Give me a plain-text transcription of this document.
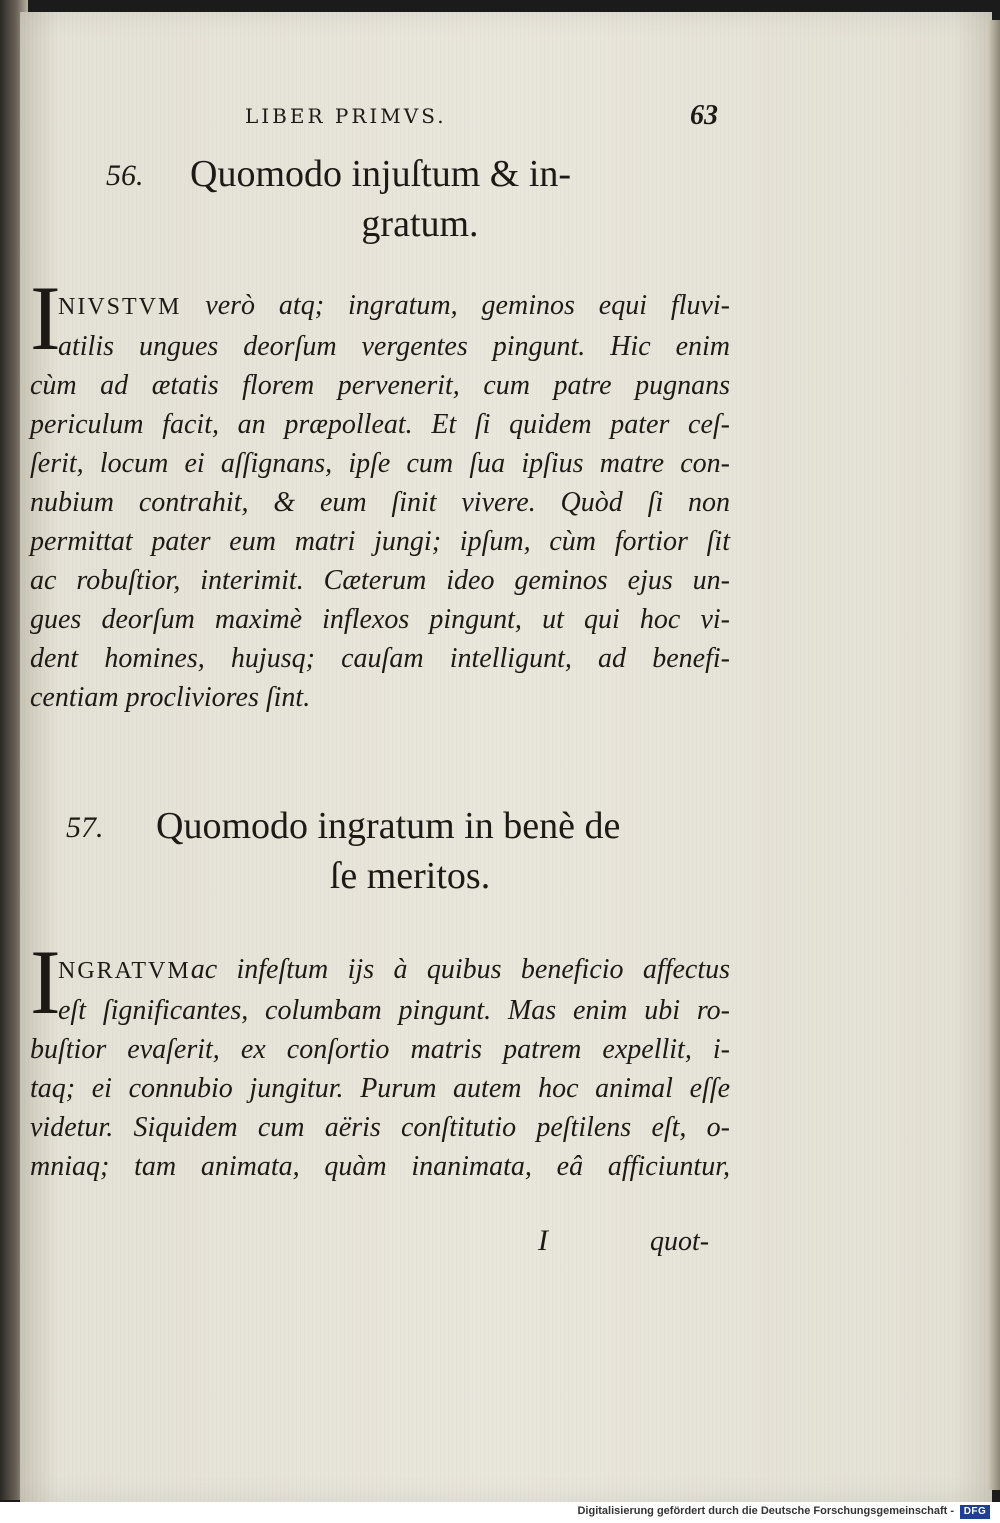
LIBER PRIMVS.	63
56.	Quomodo injuſtum & in-
gratum.
I
NIVSTVM verò atq; ingratum, geminos equi fluvi-
atilis ungues deorſum vergentes pingunt. Hic enim
cùm ad ætatis florem pervenerit, cum patre pugnans
periculum facit, an præpolleat. Et ſi quidem pater ceſ-
ſerit, locum ei aſſignans, ipſe cum ſua ipſius matre con-
nubium contrahit, & eum ſinit vivere. Quòd ſi non
permittat pater eum matri jungi; ipſum, cùm fortior ſit
ac robuſtior, interimit. Cæterum ideo geminos ejus un-
gues deorſum maximè inflexos pingunt, ut qui hoc vi-
dent homines, hujusq; cauſam intelligunt, ad benefi-
centiam procliviores ſint.
57.	Quomodo ingratum in benè de
ſe meritos.
I
NGRATVMac infeſtum ijs à quibus beneficio affectus
eſt ſignificantes, columbam pingunt. Mas enim ubi ro-
buſtior evaſerit, ex conſortio matris patrem expellit, i-
taq; ei connubio jungitur. Purum autem hoc animal eſſe
videtur. Siquidem cum aëris conſtitutio peſtilens eſt, o-
mniaq; tam animata, quàm inanimata, eâ afficiuntur,
I	quot-
Digitalisierung gefördert durch die Deutsche Forschungsgemeinschaft - DFG
